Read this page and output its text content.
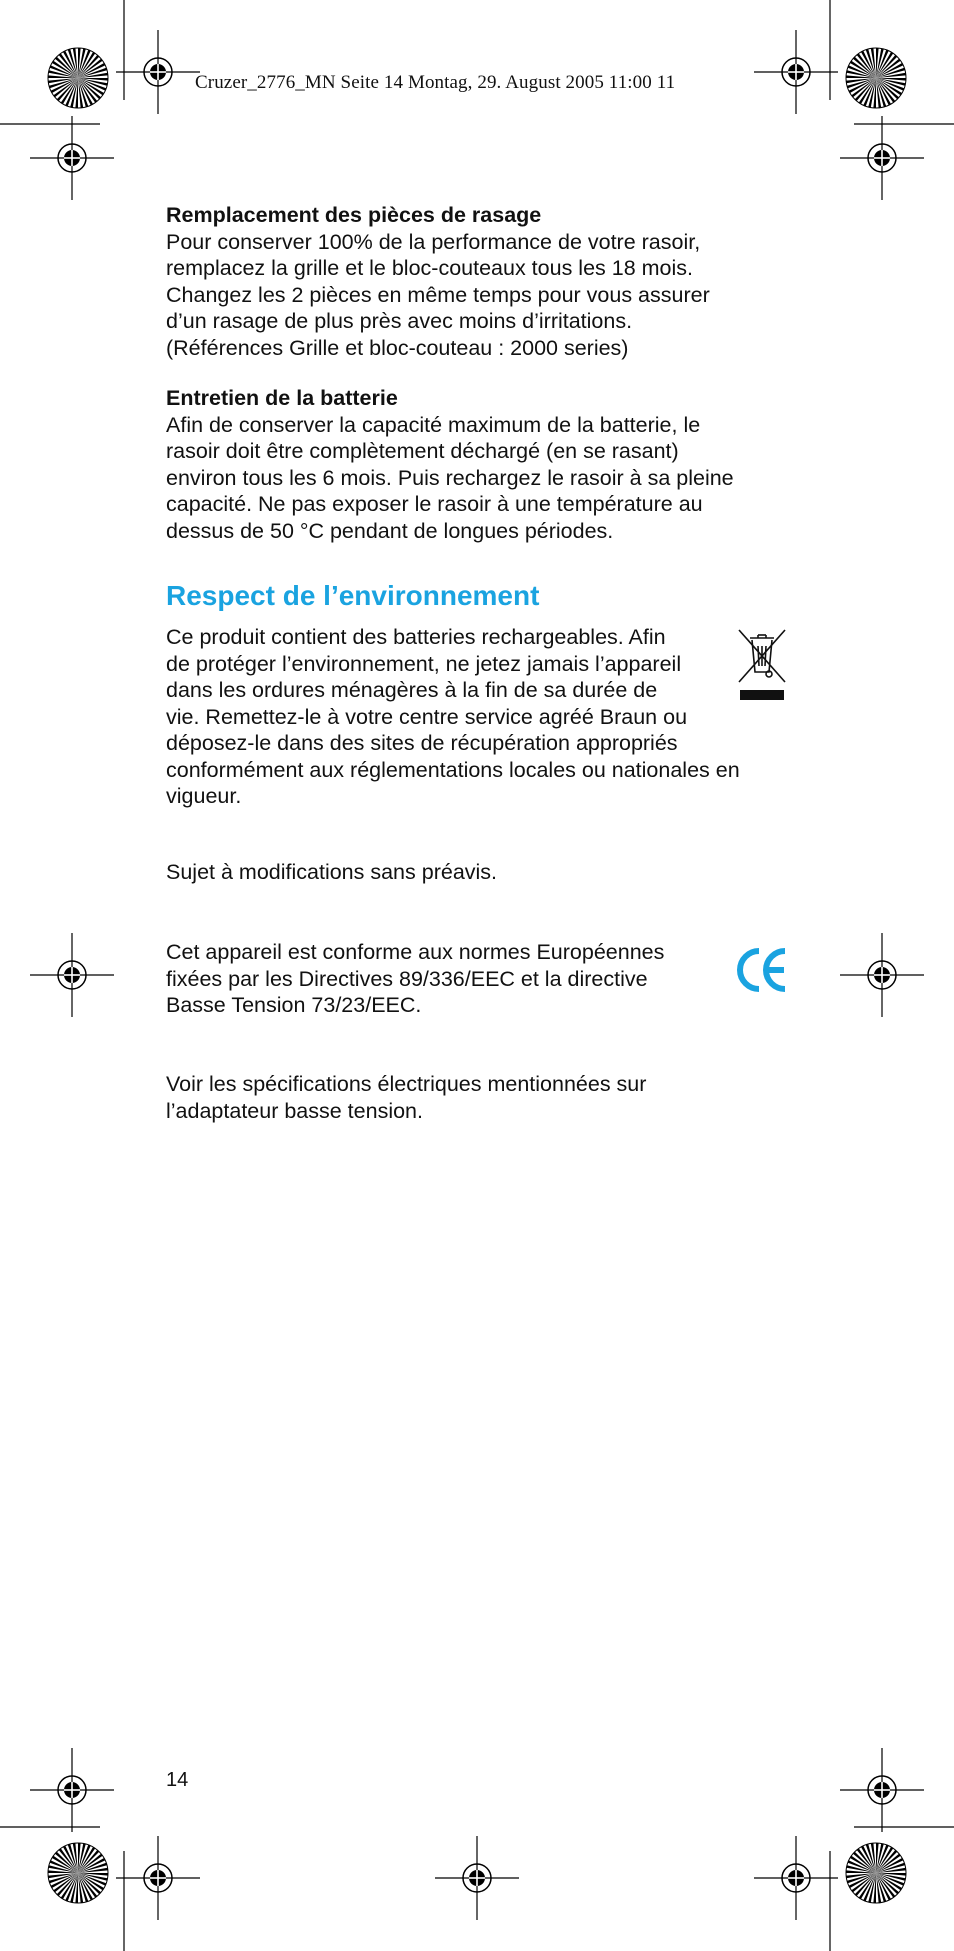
Cruzer_2776_MN Seite 14 Montag, 29. August 2005 11:00 11

Remplacement des pièces de rasage

Pour conserver 100% de la performance de votre rasoir,

remplacez la grille et le bloc-couteaux tous les 18 mois.

Changez les 2 pièces en même temps pour vous assurer

d’un rasage de plus près avec moins d’irritations.

(Références Grille et bloc-couteau : 2000 series)

Entretien de la batterie

Afin de conserver la capacité maximum de la batterie, le

rasoir doit être complètement déchargé (en se rasant)

environ tous les 6 mois. Puis rechargez le rasoir à sa pleine

capacité. Ne pas exposer le rasoir à une température au

dessus de 50 °C pendant de longues périodes.

Respect de l’environnement
Ce produit contient des batteries rechargeables. Afin
de protéger l’environnement, ne jetez jamais l’appareil
dans les ordures ménagères à la fin de sa durée de
vie. Remettez-le à votre centre service agréé Braun ou
déposez-le dans des sites de récupération appropriés
conformément aux réglementations locales ou nationales en
vigueur.

Sujet à modifications sans préavis.

Cet appareil est conforme aux normes Européennes

fixées par les Directives 89/336/EEC et la directive

Basse Tension 73/23/EEC.

Voir les spécifications électriques mentionnées sur

l’adaptateur basse tension.

14
